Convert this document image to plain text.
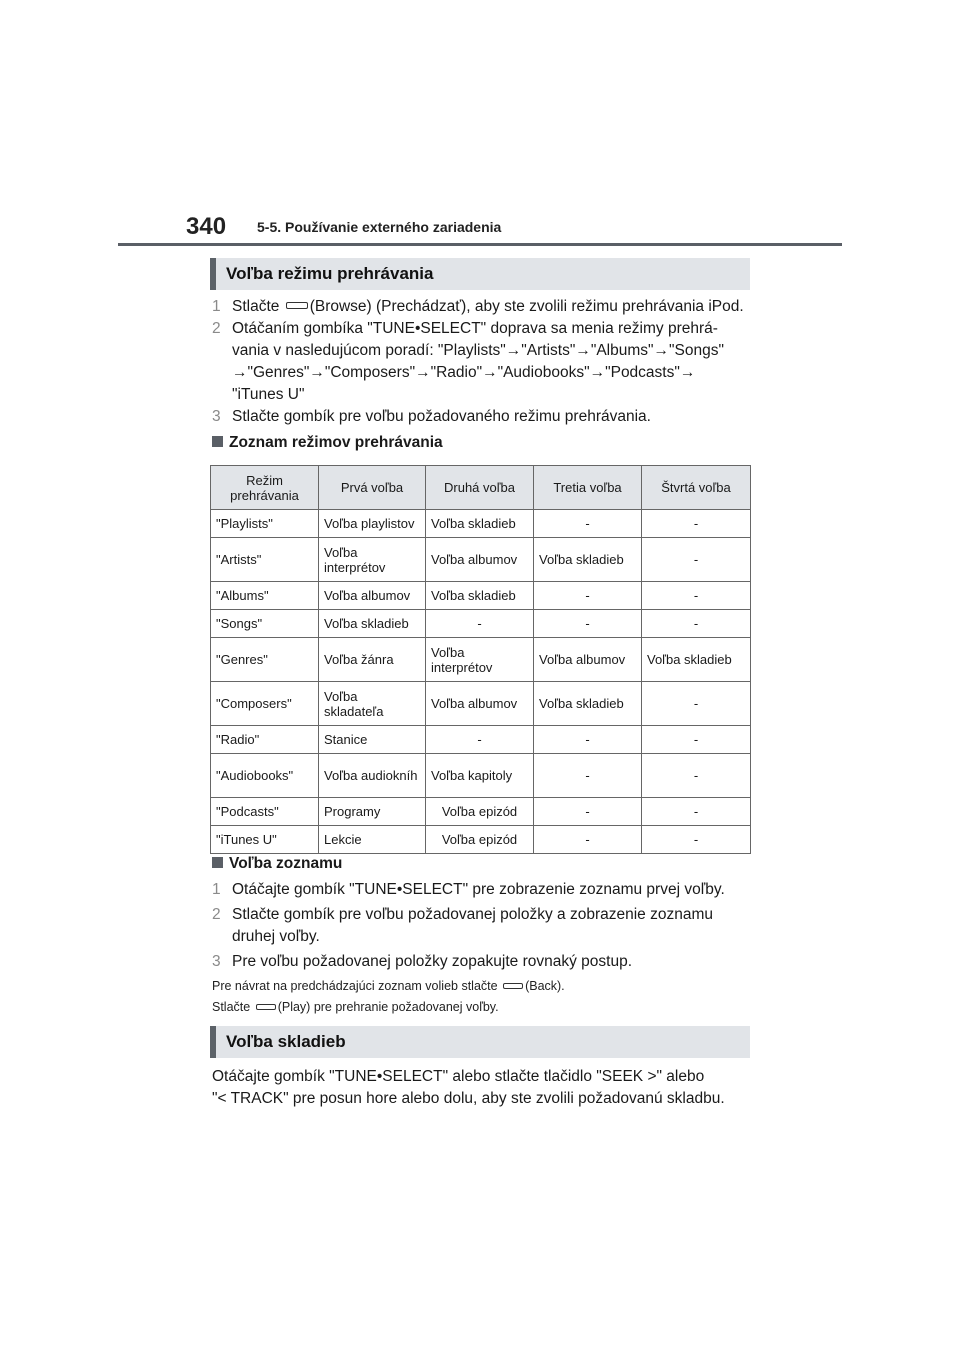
340 5-5. Používanie externého zariadenia
Voľba režimu prehrávania
1 Stlačte (Browse) (Prechádzať), aby ste zvolili režimu prehrávania iPod.
2 Otáčaním gombíka "TUNE•SELECT" doprava sa menia režimy prehrá-
vania v nasledujúcom poradí: "Playlists"→"Artists"→"Albums"→"Songs"
→"Genres"→"Composers"→"Radio"→"Audiobooks"→"Podcasts"→
"iTunes U"
3 Stlačte gombík pre voľbu požadovaného režimu prehrávania.
Zoznam režimov prehrávania
Režim prehrávania	Prvá voľba	Druhá voľba	Tretia voľba	Štvrtá voľba
"Playlists"	Voľba playlistov	Voľba skladieb	-	-
"Artists"	Voľba interprétov	Voľba albumov	Voľba skladieb	-
"Albums"	Voľba albumov	Voľba skladieb	-	-
"Songs"	Voľba skladieb	-	-	-
"Genres"	Voľba žánra	Voľba interprétov	Voľba albumov	Voľba skladieb
"Composers"	Voľba skladateľa	Voľba albumov	Voľba skladieb	-
"Radio"	Stanice	-	-	-
"Audiobooks"	Voľba audiokníh	Voľba kapitoly	-	-
"Podcasts"	Programy	Voľba epizód	-	-
"iTunes U"	Lekcie	Voľba epizód	-	-
Voľba zoznamu
1 Otáčajte gombík "TUNE•SELECT" pre zobrazenie zoznamu prvej voľby.
2 Stlačte gombík pre voľbu požadovanej položky a zobrazenie zoznamu
druhej voľby.
3 Pre voľbu požadovanej položky zopakujte rovnaký postup.
Pre návrat na predchádzajúci zoznam volieb stlačte (Back).
Stlačte (Play) pre prehranie požadovanej voľby.
Voľba skladieb
Otáčajte gombík "TUNE•SELECT" alebo stlačte tlačidlo "SEEK >" alebo
"< TRACK" pre posun hore alebo dolu, aby ste zvolili požadovanú skladbu.
